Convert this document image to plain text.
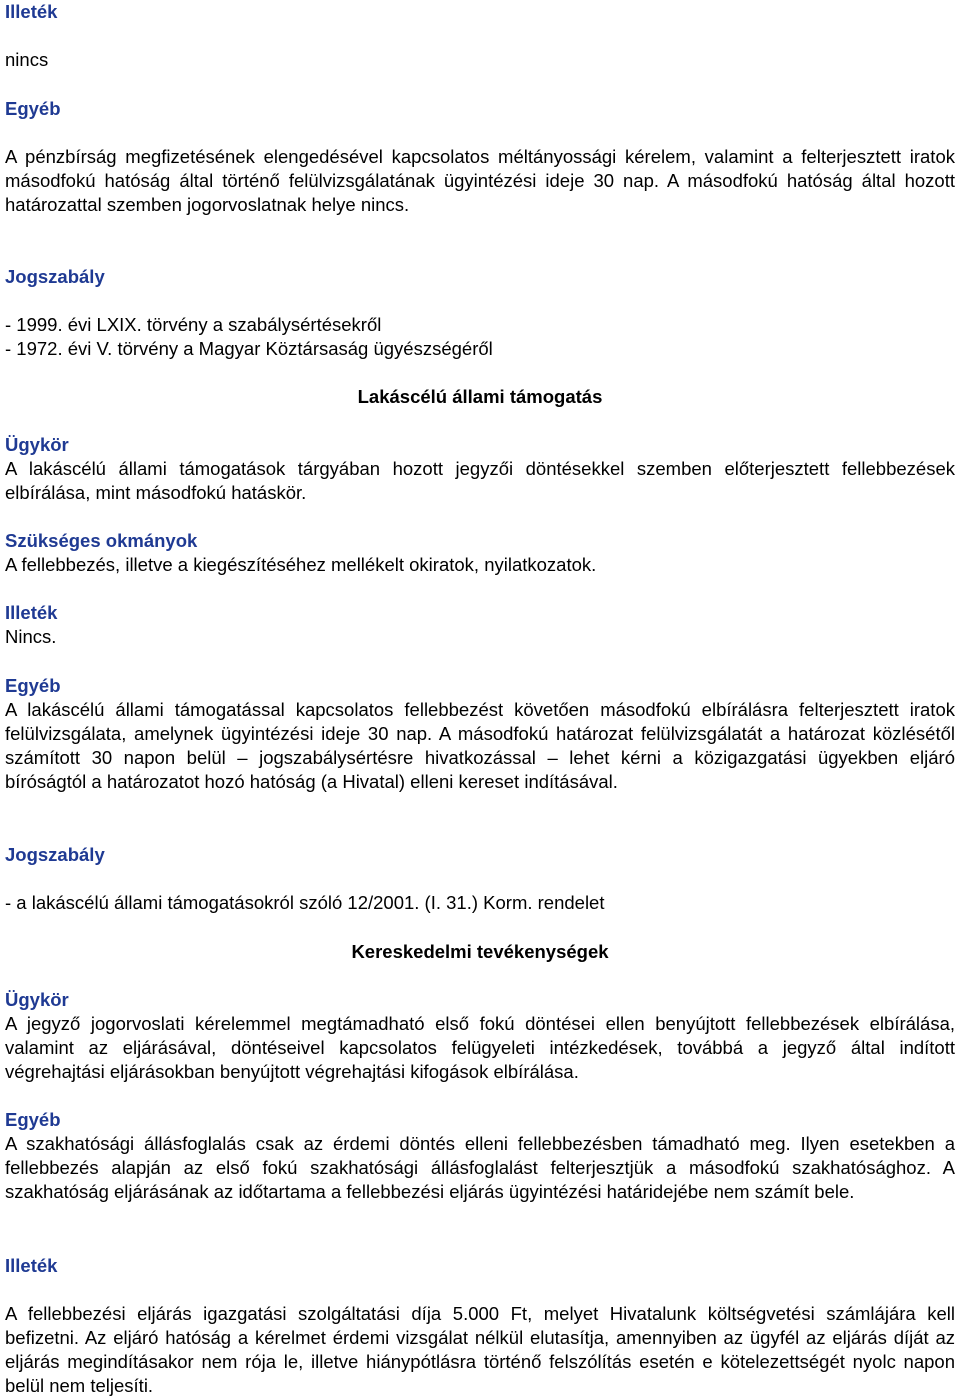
Illeték

nincs

Egyéb

A pénzbírság megfizetésének elengedésével kapcsolatos méltányossági kérelem, valamint a felterjesztett iratok másodfokú hatóság által történő felülvizsgálatának ügyintézési ideje 30 nap. A másodfokú hatóság által hozott határozattal szemben jogorvoslatnak helye nincs.

Jogszabály

- 1999. évi LXIX. törvény a szabálysértésekről

- 1972. évi V. törvény a Magyar Köztársaság ügyészségéről

Lakáscélú állami támogatás

Ügykör

A lakáscélú állami támogatások tárgyában hozott jegyzői döntésekkel szemben előterjesztett fellebbezések elbírálása, mint másodfokú hatáskör.

Szükséges okmányok

A fellebbezés, illetve a kiegészítéséhez mellékelt okiratok, nyilatkozatok.

Illeték

Nincs.

Egyéb

A lakáscélú állami támogatással kapcsolatos fellebbezést követően másodfokú elbírálásra felterjesztett iratok felülvizsgálata, amelynek ügyintézési ideje 30 nap. A másodfokú határozat felülvizsgálatát a határozat közlésétől számított 30 napon belül – jogszabálysértésre hivatkozással – lehet kérni a közigazgatási ügyekben eljáró bíróságtól a határozatot hozó hatóság (a Hivatal) elleni kereset indításával.

Jogszabály

- a lakáscélú állami támogatásokról szóló 12/2001. (I. 31.) Korm. rendelet

Kereskedelmi tevékenységek

Ügykör

A jegyző jogorvoslati kérelemmel megtámadható első fokú döntései ellen benyújtott fellebbezések elbírálása, valamint az eljárásával, döntéseivel kapcsolatos felügyeleti intézkedések, továbbá a jegyző által indított végrehajtási eljárásokban benyújtott végrehajtási kifogások elbírálása.

Egyéb

A szakhatósági állásfoglalás csak az érdemi döntés elleni fellebbezésben támadható meg. Ilyen esetekben a fellebbezés alapján az első fokú szakhatósági állásfoglalást felterjesztjük a másodfokú szakhatósághoz. A szakhatóság eljárásának az időtartama a fellebbezési eljárás ügyintézési határidejébe nem számít bele.

Illeték

A fellebbezési eljárás igazgatási szolgáltatási díja 5.000 Ft, melyet Hivatalunk költségvetési számlájára kell befizetni. Az eljáró hatóság a kérelmet érdemi vizsgálat nélkül elutasítja, amennyiben az ügyfél az eljárás díját az eljárás megindításakor nem rója le, illetve hiánypótlásra történő felszólítás esetén e kötelezettségét nyolc napon belül nem teljesíti.
